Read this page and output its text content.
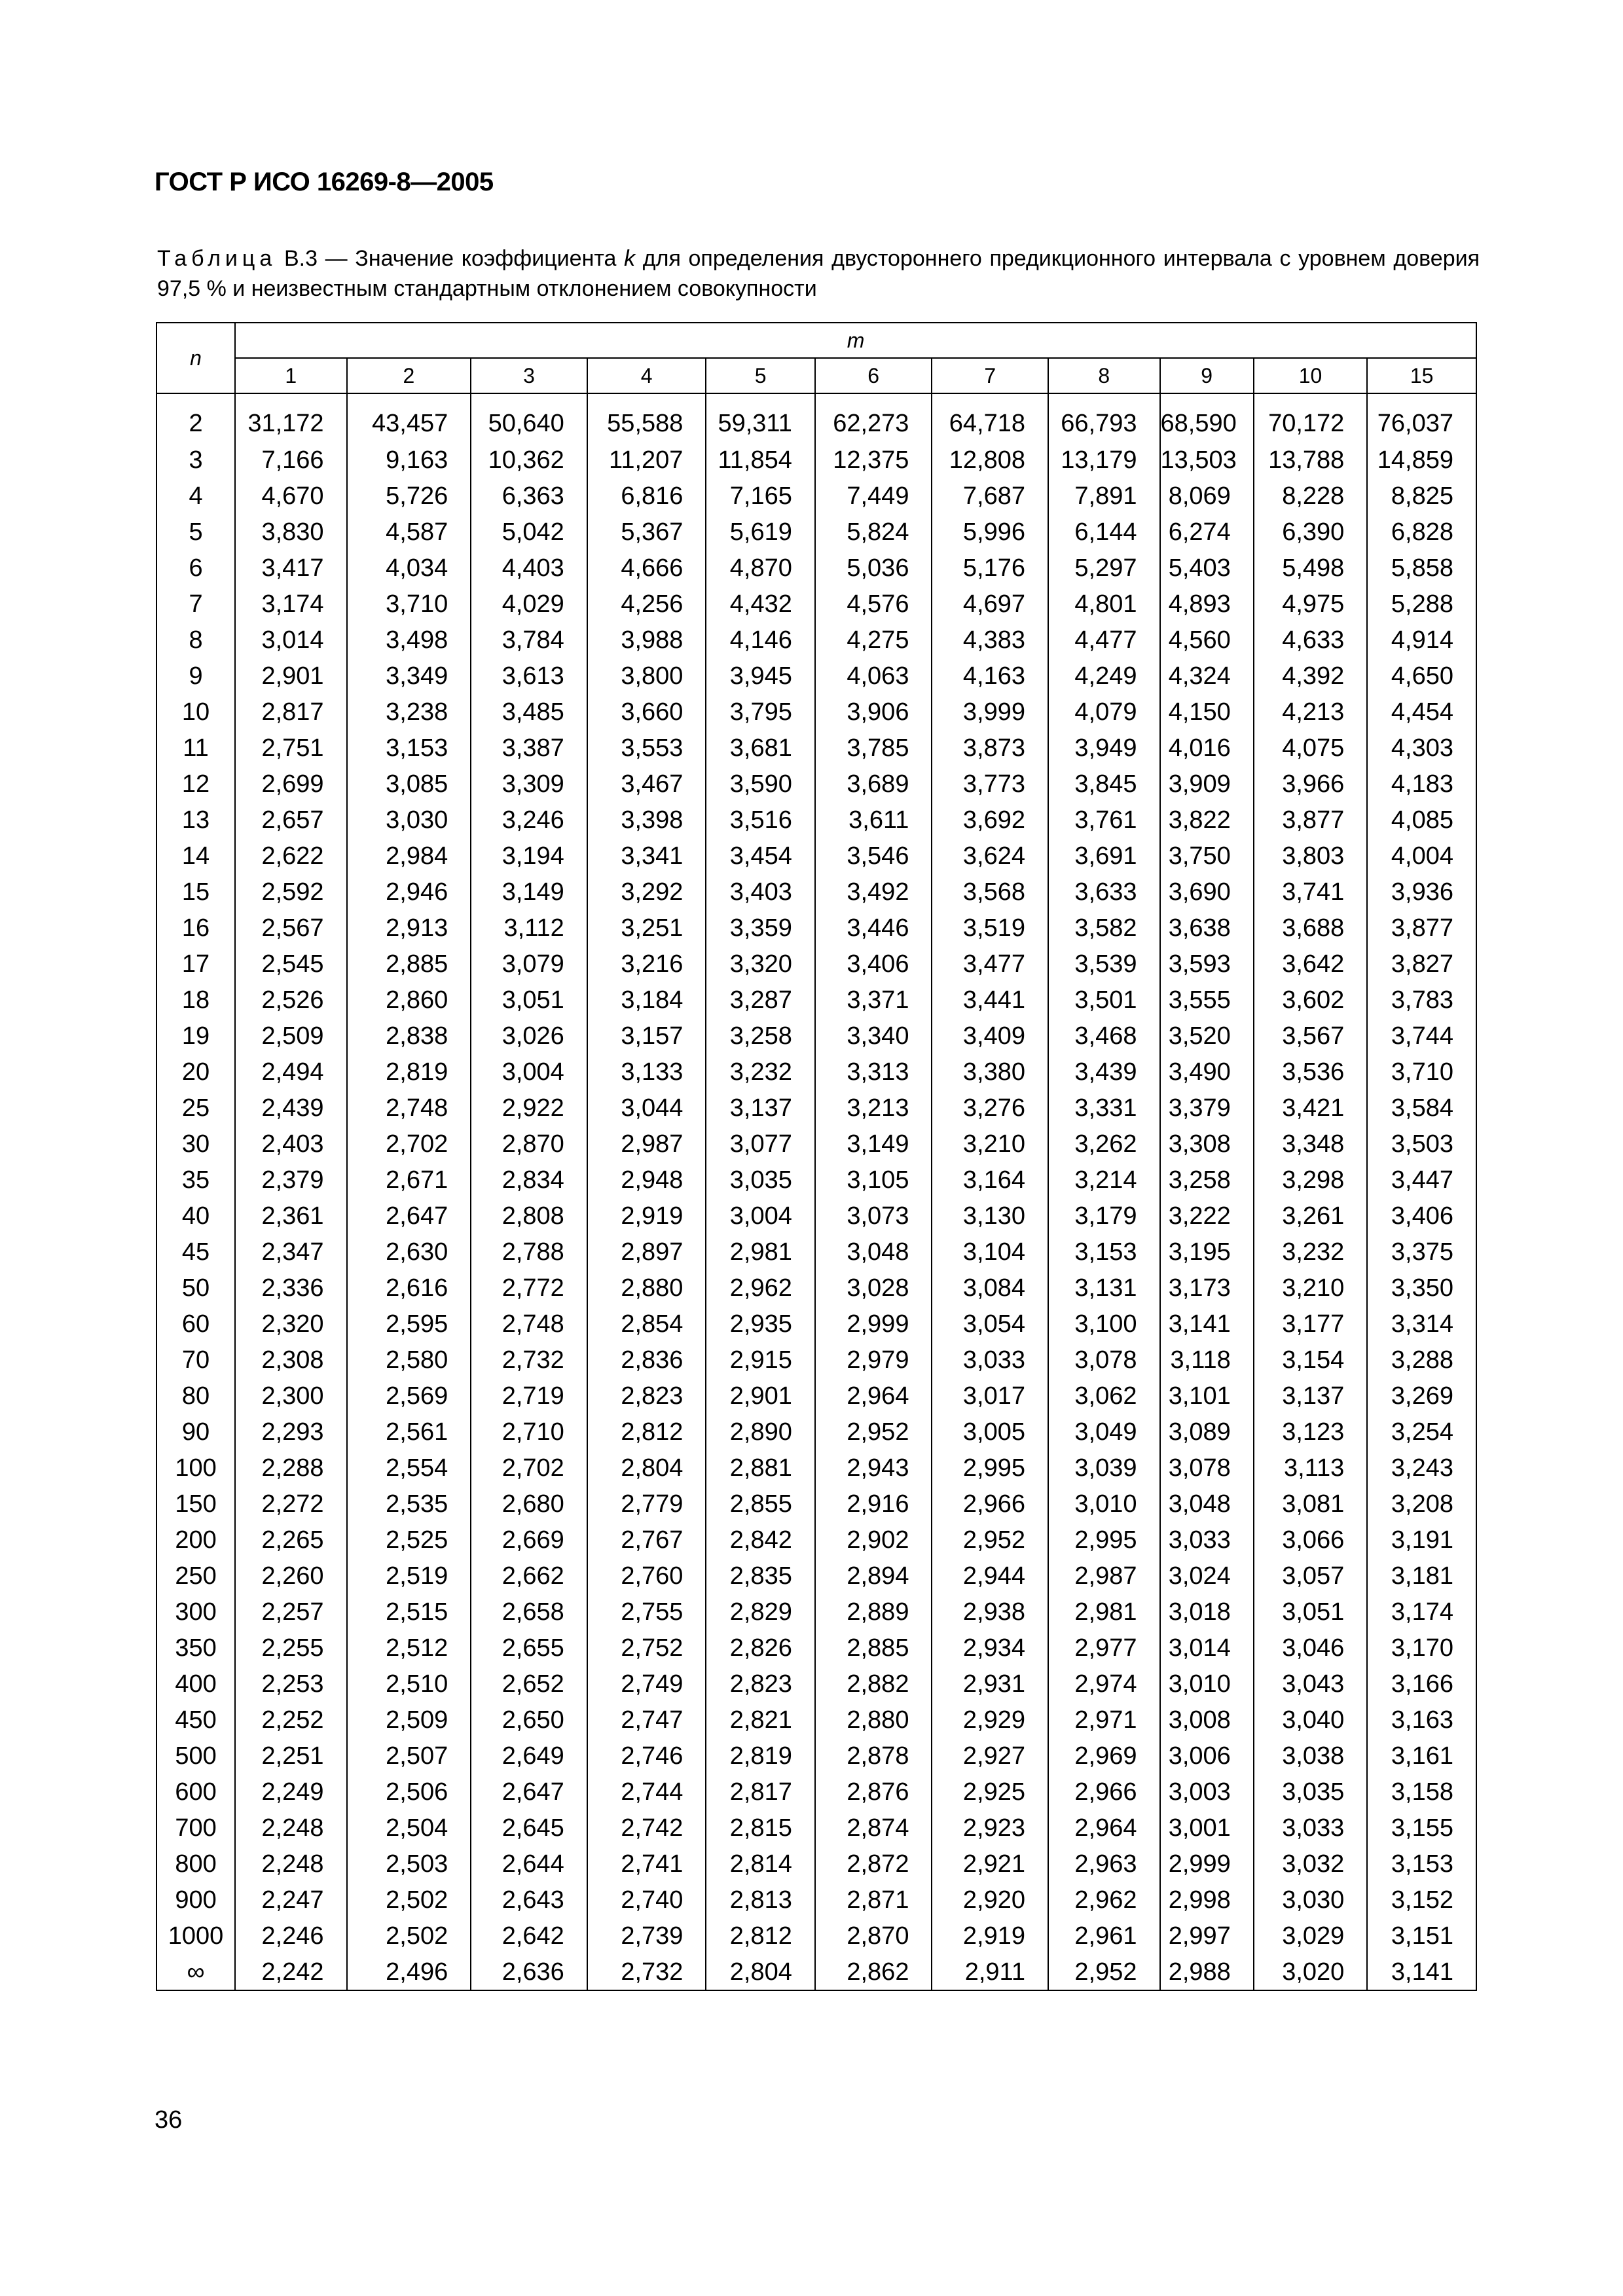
ГОСТ Р ИСО 16269-8—2005
Таблица В.3 — Значение коэффициента k для определения двустороннего предикционного интервала с уровнем доверия 97,5 % и неизвестным стандартным отклонением совокупности
n	m										
	1	2	3	4	5	6	7	8	9	10	15
2	31,172	43,457	50,640	55,588	59,311	62,273	64,718	66,793	68,590	70,172	76,037
3	7,166	9,163	10,362	11,207	11,854	12,375	12,808	13,179	13,503	13,788	14,859
4	4,670	5,726	6,363	6,816	7,165	7,449	7,687	7,891	8,069	8,228	8,825
5	3,830	4,587	5,042	5,367	5,619	5,824	5,996	6,144	6,274	6,390	6,828
6	3,417	4,034	4,403	4,666	4,870	5,036	5,176	5,297	5,403	5,498	5,858
7	3,174	3,710	4,029	4,256	4,432	4,576	4,697	4,801	4,893	4,975	5,288
8	3,014	3,498	3,784	3,988	4,146	4,275	4,383	4,477	4,560	4,633	4,914
9	2,901	3,349	3,613	3,800	3,945	4,063	4,163	4,249	4,324	4,392	4,650
10	2,817	3,238	3,485	3,660	3,795	3,906	3,999	4,079	4,150	4,213	4,454
11	2,751	3,153	3,387	3,553	3,681	3,785	3,873	3,949	4,016	4,075	4,303
12	2,699	3,085	3,309	3,467	3,590	3,689	3,773	3,845	3,909	3,966	4,183
13	2,657	3,030	3,246	3,398	3,516	3,611	3,692	3,761	3,822	3,877	4,085
14	2,622	2,984	3,194	3,341	3,454	3,546	3,624	3,691	3,750	3,803	4,004
15	2,592	2,946	3,149	3,292	3,403	3,492	3,568	3,633	3,690	3,741	3,936
16	2,567	2,913	3,112	3,251	3,359	3,446	3,519	3,582	3,638	3,688	3,877
17	2,545	2,885	3,079	3,216	3,320	3,406	3,477	3,539	3,593	3,642	3,827
18	2,526	2,860	3,051	3,184	3,287	3,371	3,441	3,501	3,555	3,602	3,783
19	2,509	2,838	3,026	3,157	3,258	3,340	3,409	3,468	3,520	3,567	3,744
20	2,494	2,819	3,004	3,133	3,232	3,313	3,380	3,439	3,490	3,536	3,710
25	2,439	2,748	2,922	3,044	3,137	3,213	3,276	3,331	3,379	3,421	3,584
30	2,403	2,702	2,870	2,987	3,077	3,149	3,210	3,262	3,308	3,348	3,503
35	2,379	2,671	2,834	2,948	3,035	3,105	3,164	3,214	3,258	3,298	3,447
40	2,361	2,647	2,808	2,919	3,004	3,073	3,130	3,179	3,222	3,261	3,406
45	2,347	2,630	2,788	2,897	2,981	3,048	3,104	3,153	3,195	3,232	3,375
50	2,336	2,616	2,772	2,880	2,962	3,028	3,084	3,131	3,173	3,210	3,350
60	2,320	2,595	2,748	2,854	2,935	2,999	3,054	3,100	3,141	3,177	3,314
70	2,308	2,580	2,732	2,836	2,915	2,979	3,033	3,078	3,118	3,154	3,288
80	2,300	2,569	2,719	2,823	2,901	2,964	3,017	3,062	3,101	3,137	3,269
90	2,293	2,561	2,710	2,812	2,890	2,952	3,005	3,049	3,089	3,123	3,254
100	2,288	2,554	2,702	2,804	2,881	2,943	2,995	3,039	3,078	3,113	3,243
150	2,272	2,535	2,680	2,779	2,855	2,916	2,966	3,010	3,048	3,081	3,208
200	2,265	2,525	2,669	2,767	2,842	2,902	2,952	2,995	3,033	3,066	3,191
250	2,260	2,519	2,662	2,760	2,835	2,894	2,944	2,987	3,024	3,057	3,181
300	2,257	2,515	2,658	2,755	2,829	2,889	2,938	2,981	3,018	3,051	3,174
350	2,255	2,512	2,655	2,752	2,826	2,885	2,934	2,977	3,014	3,046	3,170
400	2,253	2,510	2,652	2,749	2,823	2,882	2,931	2,974	3,010	3,043	3,166
450	2,252	2,509	2,650	2,747	2,821	2,880	2,929	2,971	3,008	3,040	3,163
500	2,251	2,507	2,649	2,746	2,819	2,878	2,927	2,969	3,006	3,038	3,161
600	2,249	2,506	2,647	2,744	2,817	2,876	2,925	2,966	3,003	3,035	3,158
700	2,248	2,504	2,645	2,742	2,815	2,874	2,923	2,964	3,001	3,033	3,155
800	2,248	2,503	2,644	2,741	2,814	2,872	2,921	2,963	2,999	3,032	3,153
900	2,247	2,502	2,643	2,740	2,813	2,871	2,920	2,962	2,998	3,030	3,152
1000	2,246	2,502	2,642	2,739	2,812	2,870	2,919	2,961	2,997	3,029	3,151
∞	2,242	2,496	2,636	2,732	2,804	2,862	2,911	2,952	2,988	3,020	3,141
36
